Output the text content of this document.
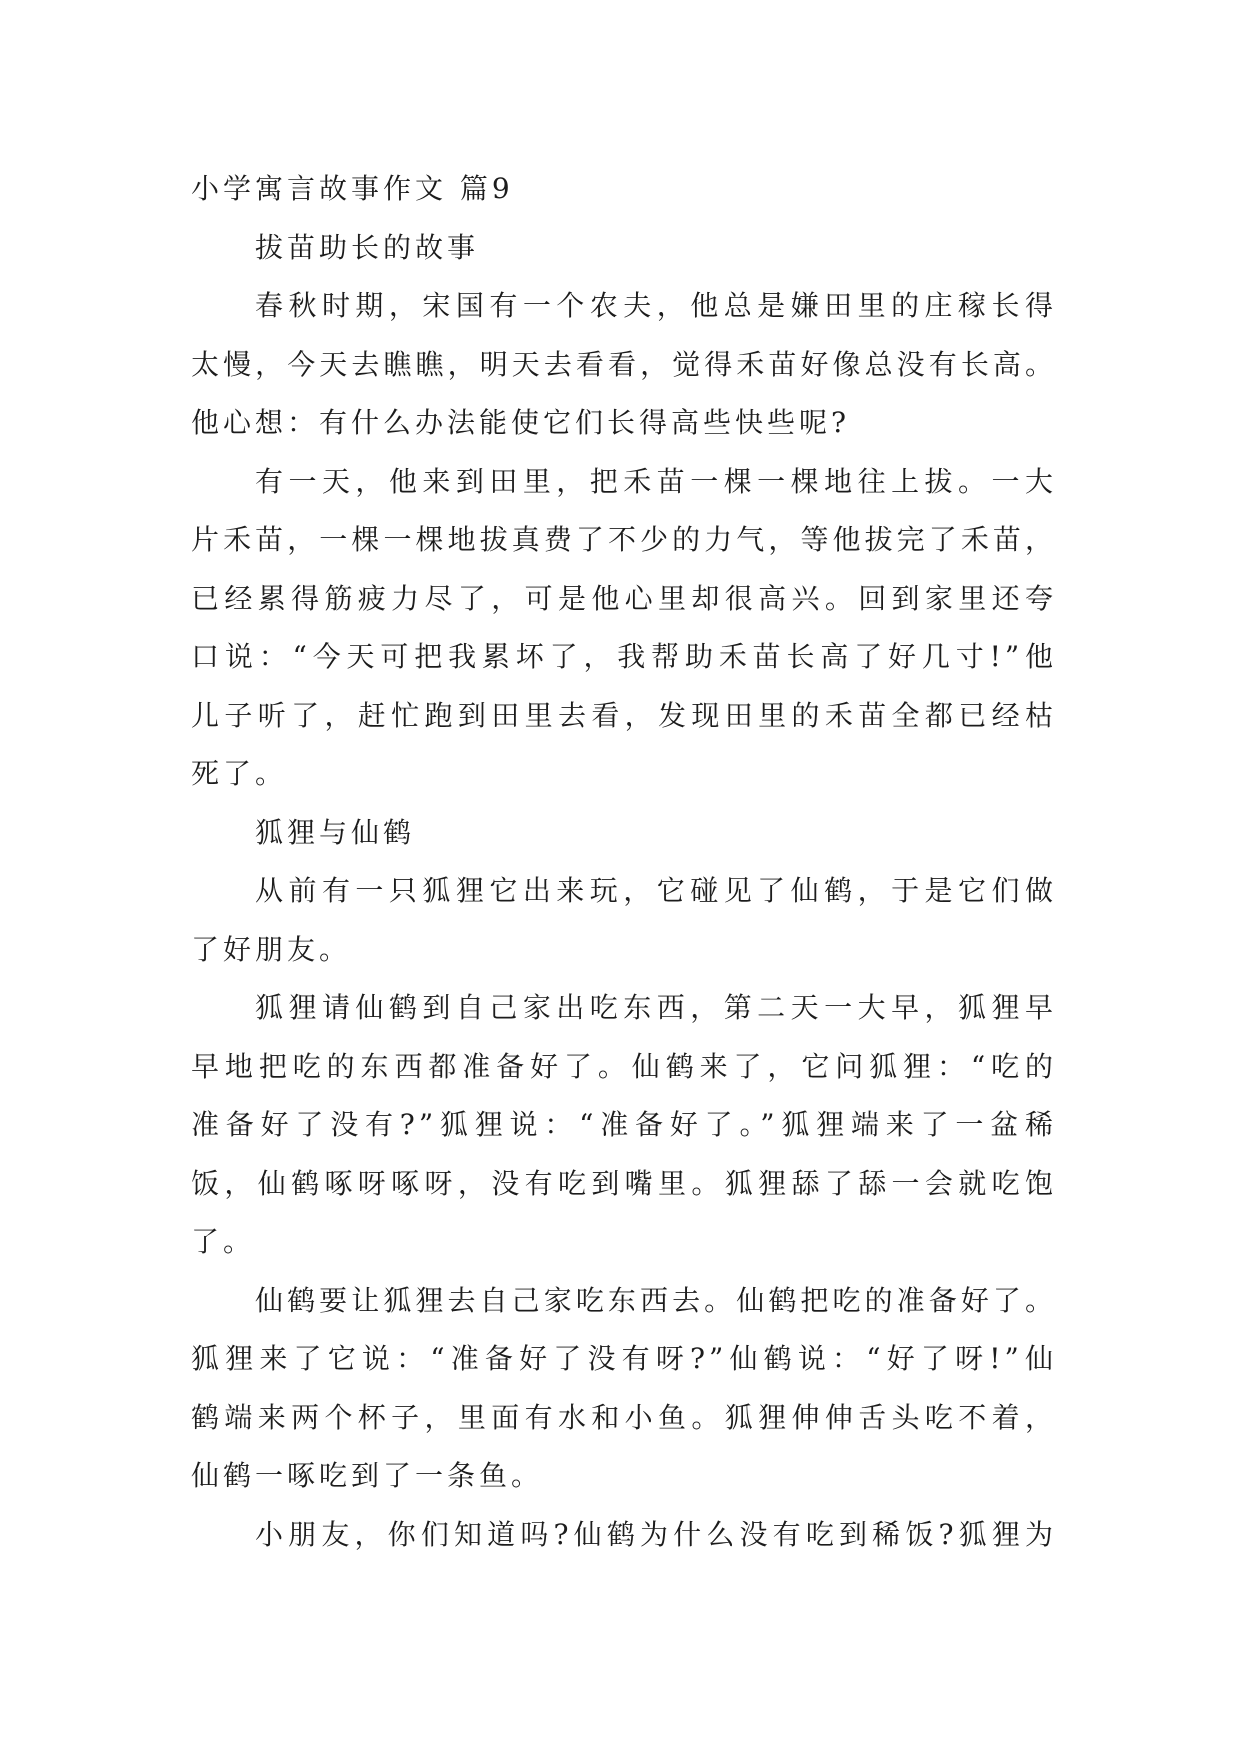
小学寓言故事作文 篇9
拔苗助长的故事
春秋时期，宋国有一个农夫，他总是嫌田里的庄稼长得
太慢，今天去瞧瞧，明天去看看，觉得禾苗好像总没有长高。
他心想：有什么办法能使它们长得高些快些呢?
有一天，他来到田里，把禾苗一棵一棵地往上拔。一大
片禾苗，一棵一棵地拔真费了不少的力气，等他拔完了禾苗，
已经累得筋疲力尽了，可是他心里却很高兴。回到家里还夸
口说：“今天可把我累坏了，我帮助禾苗长高了好几寸!”他
儿子听了，赶忙跑到田里去看，发现田里的禾苗全都已经枯
死了。
狐狸与仙鹤
从前有一只狐狸它出来玩，它碰见了仙鹤，于是它们做
了好朋友。
狐狸请仙鹤到自己家出吃东西，第二天一大早，狐狸早
早地把吃的东西都准备好了。仙鹤来了，它问狐狸：“吃的
准备好了没有?”狐狸说：“准备好了。”狐狸端来了一盆稀
饭，仙鹤啄呀啄呀，没有吃到嘴里。狐狸舔了舔一会就吃饱
了。
仙鹤要让狐狸去自己家吃东西去。仙鹤把吃的准备好了。
狐狸来了它说：“准备好了没有呀?”仙鹤说：“好了呀!”仙
鹤端来两个杯子，里面有水和小鱼。狐狸伸伸舌头吃不着，
仙鹤一啄吃到了一条鱼。
小朋友，你们知道吗?仙鹤为什么没有吃到稀饭?狐狸为
